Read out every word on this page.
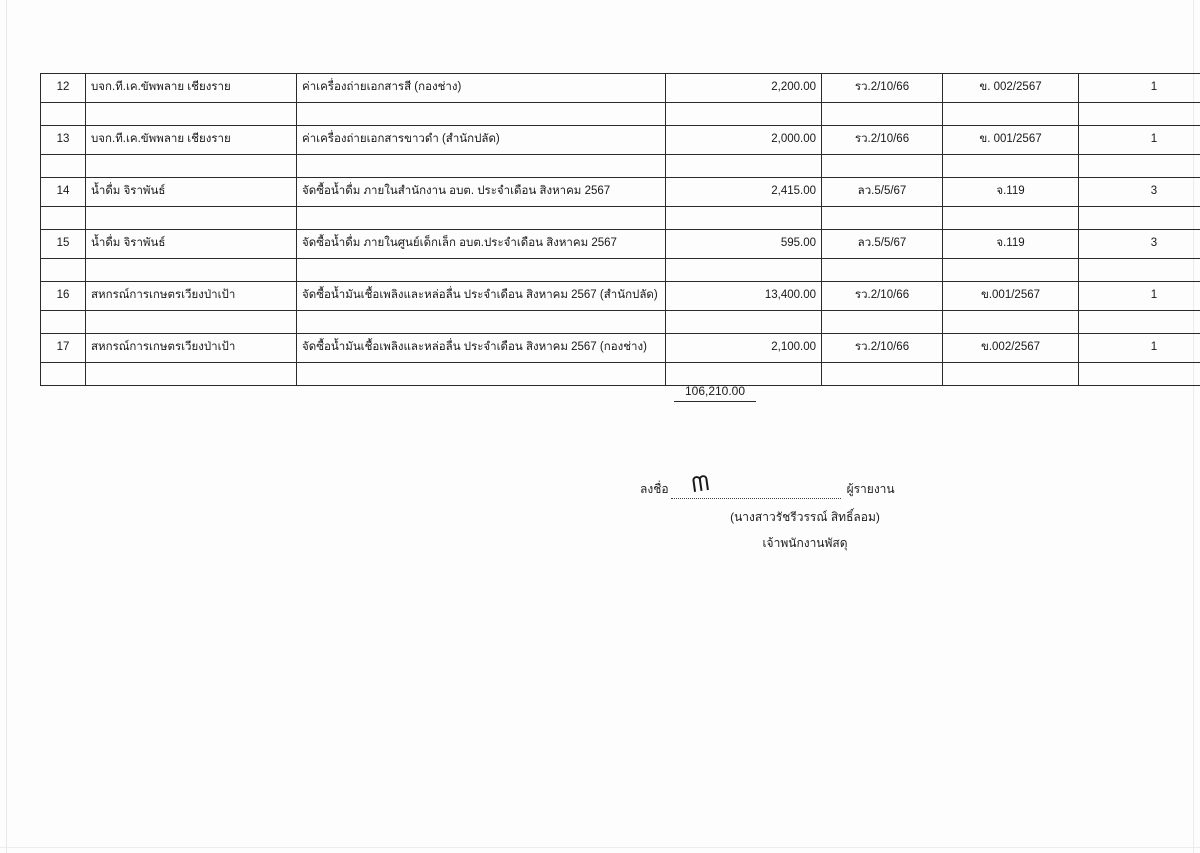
12	บจก.ที.เค.ขัพพลาย เชียงราย	ค่าเครื่องถ่ายเอกสารสี (กองช่าง)	2,200.00	รว.2/10/66	ข. 002/2567	1

13	บจก.ที.เค.ขัพพลาย เชียงราย	ค่าเครื่องถ่ายเอกสารขาวดำ (สำนักปลัด)	2,000.00	รว.2/10/66	ข. 001/2567	1

14	น้ำดื่ม จิราพันธ์	จัดซื้อน้ำดื่ม ภายในสำนักงาน อบต. ประจำเดือน สิงหาคม 2567	2,415.00	ลว.5/5/67	จ.119	3

15	น้ำดื่ม จิราพันธ์	จัดซื้อน้ำดื่ม ภายในศูนย์เด็กเล็ก อบต.ประจำเดือน สิงหาคม 2567	595.00	ลว.5/5/67	จ.119	3

16	สหกรณ์การเกษตรเวียงป่าเป้า	จัดซื้อน้ำมันเชื้อเพลิงและหล่อลื่น ประจำเดือน สิงหาคม 2567 (สำนักปลัด)	13,400.00	รว.2/10/66	ข.001/2567	1

17	สหกรณ์การเกษตรเวียงป่าเป้า	จัดซื้อน้ำมันเชื้อเพลิงและหล่อลื่น ประจำเดือน สิงหาคม 2567 (กองช่าง)	2,100.00	รว.2/10/66	ข.002/2567	1

106,210.00
ลงชื่อ ᗰ	ผู้รายงาน
(นางสาวรัชรีวรรณ์ สิทธิ์ลอม)
เจ้าพนักงานพัสดุ
